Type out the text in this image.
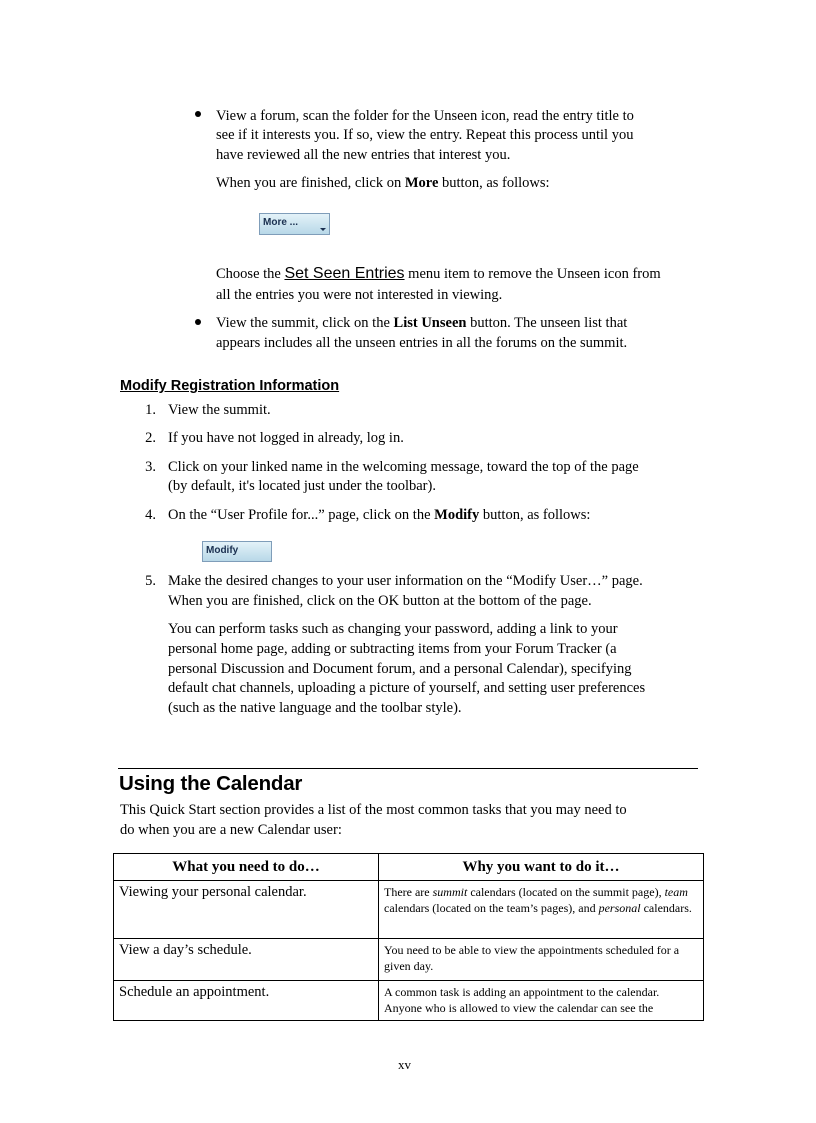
View a forum, scan the folder for the Unseen icon, read the entry title to
see if it interests you. If so, view the entry. Repeat this process until you
have reviewed all the new entries that interest you.
When you are finished, click on More button, as follows:
More ...
Choose the Set Seen Entries menu item to remove the Unseen icon from
all the entries you were not interested in viewing.
View the summit, click on the List Unseen button. The unseen list that
appears includes all the unseen entries in all the forums on the summit.
Modify Registration Information
1. View the summit.
2. If you have not logged in already, log in.
3. Click on your linked name in the welcoming message, toward the top of the page
(by default, it's located just under the toolbar).
4. On the “User Profile for...” page, click on the Modify button, as follows:
Modify
5. Make the desired changes to your user information on the “Modify User…” page.
When you are finished, click on the OK button at the bottom of the page.
You can perform tasks such as changing your password, adding a link to your
personal home page, adding or subtracting items from your Forum Tracker (a
personal Discussion and Document forum, and a personal Calendar), specifying
default chat channels, uploading a picture of yourself, and setting user preferences
(such as the native language and the toolbar style).
Using the Calendar
This Quick Start section provides a list of the most common tasks that you may need to
do when you are a new Calendar user:
What you need to do…	Why you want to do it…
Viewing your personal calendar.	There are summit calendars (located on the summit page), team calendars (located on the team’s pages), and personal calendars.
View a day’s schedule.	You need to be able to view the appointments scheduled for a given day.
Schedule an appointment.	A common task is adding an appointment to the calendar. Anyone who is allowed to view the calendar can see the
xv
